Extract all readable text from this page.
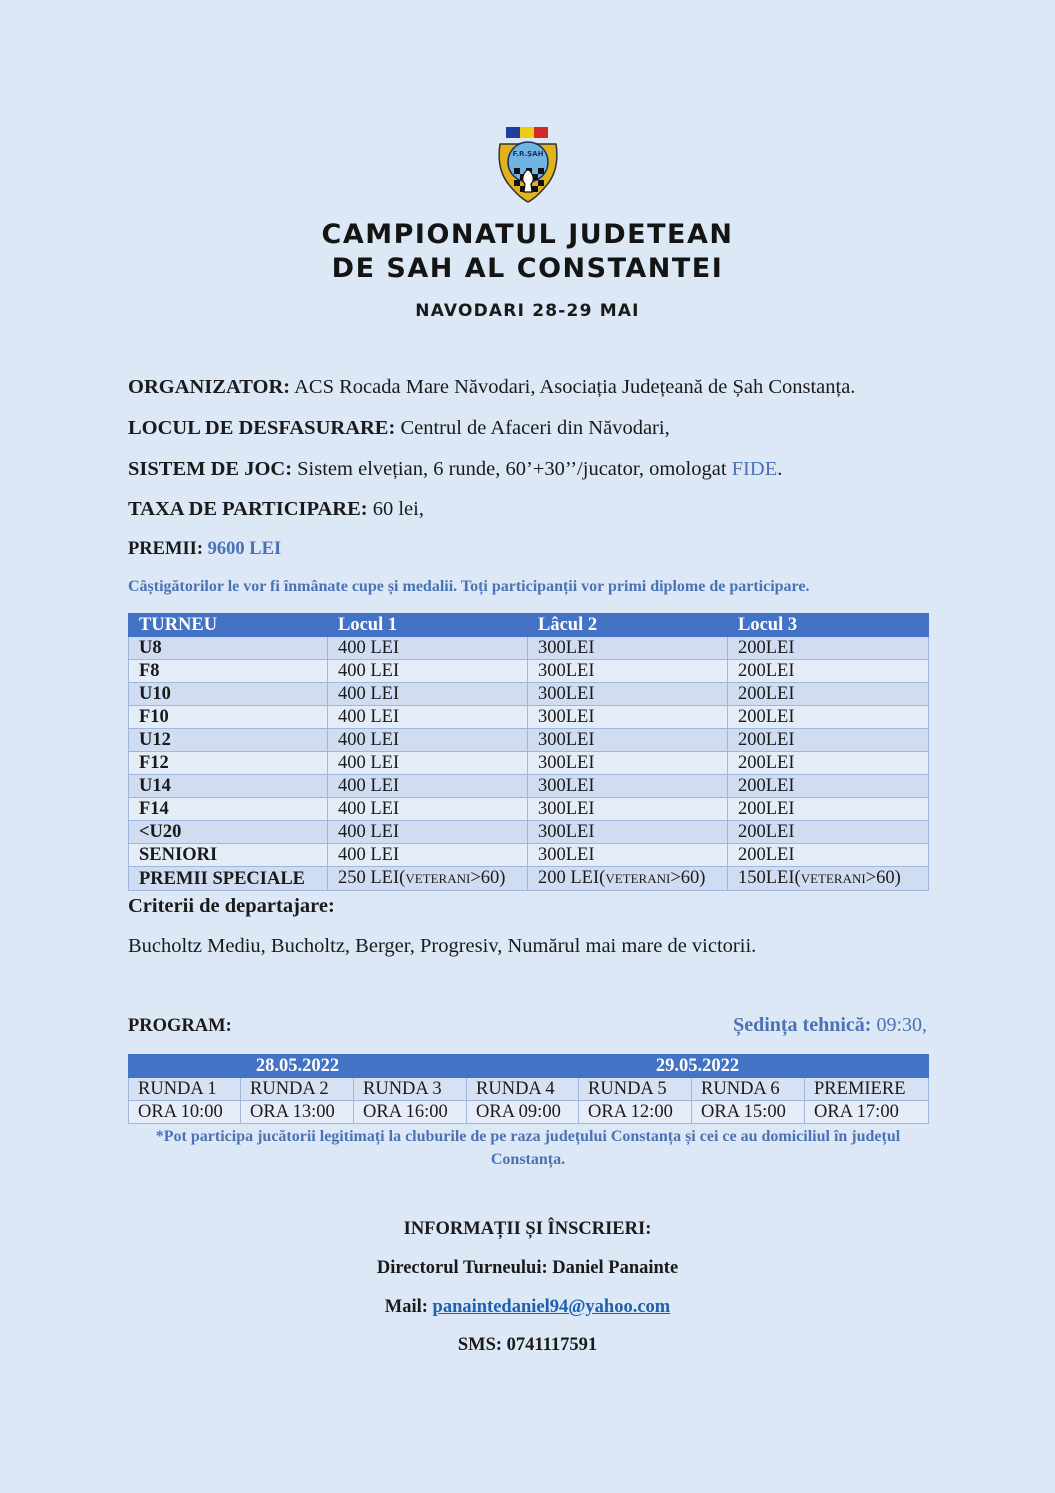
F.R.ȘAH
CAMPIONATUL JUDETEAN
DE SAH AL CONSTANTEI
NAVODARI 28-29 MAI
ORGANIZATOR: ACS Rocada Mare Năvodari, Asociația Județeană de Șah Constanța.
LOCUL DE DESFASURARE: Centrul de Afaceri din Năvodari,
SISTEM DE JOC: Sistem elvețian, 6 runde, 60’+30’’/jucator, omologat FIDE.
TAXA DE PARTICIPARE: 60 lei,
PREMII: 9600 LEI
Câștigătorilor le vor fi înmânate cupe și medalii. Toți participanții vor primi diplome de participare.
TURNEU	Locul 1	Lâcul 2	Locul 3
U8	400 LEI	300LEI	200LEI
F8	400 LEI	300LEI	200LEI
U10	400 LEI	300LEI	200LEI
F10	400 LEI	300LEI	200LEI
U12	400 LEI	300LEI	200LEI
F12	400 LEI	300LEI	200LEI
U14	400 LEI	300LEI	200LEI
F14	400 LEI	300LEI	200LEI
<U20	400 LEI	300LEI	200LEI
SENIORI	400 LEI	300LEI	200LEI
PREMII SPECIALE	250 LEI(VETERANI>60)	200 LEI(VETERANI>60)	150LEI(VETERANI>60)
Criterii de departajare:
Bucholtz Mediu, Bucholtz, Berger, Progresiv, Numărul mai mare de victorii.
PROGRAM:	Ședința tehnică: 09:30,
28.05.2022			29.05.2022			
RUNDA 1	RUNDA 2	RUNDA 3	RUNDA 4	RUNDA 5	RUNDA 6	PREMIERE
ORA 10:00	ORA 13:00	ORA 16:00	ORA 09:00	ORA 12:00	ORA 15:00	ORA 17:00
*Pot participa jucătorii legitimați la cluburile de pe raza județului Constanța și cei ce au domiciliul în județul Constanța.
INFORMAȚII ȘI ÎNSCRIERI:
Directorul Turneului: Daniel Panainte
Mail: panaintedaniel94@yahoo.com
SMS: 0741117591
